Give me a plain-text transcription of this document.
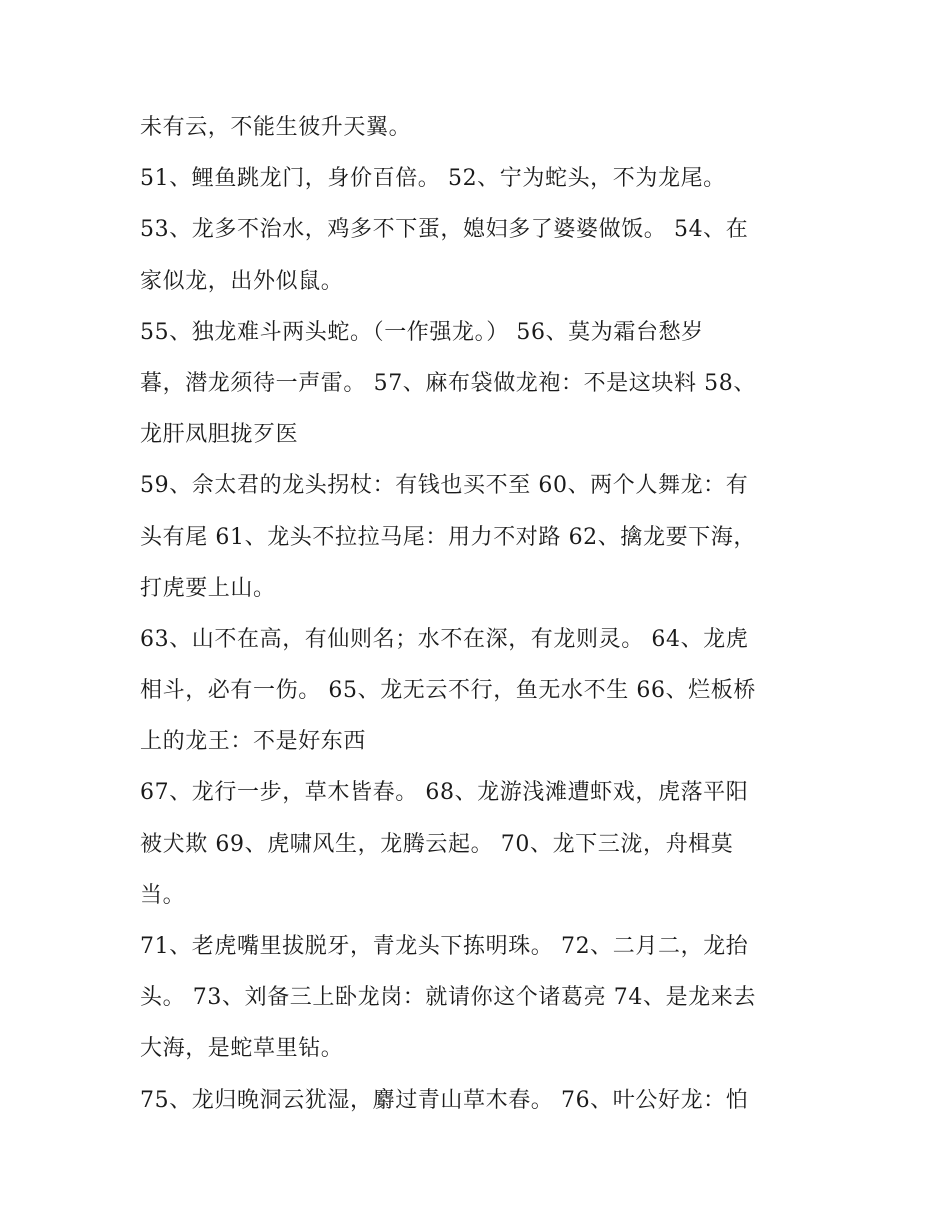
未有云，不能生彼升天翼。
51、鲤鱼跳龙门，身价百倍。 52、宁为蛇头，不为龙尾。
53、龙多不治水，鸡多不下蛋，媳妇多了婆婆做饭。 54、在
家似龙，出外似鼠。
55、独龙难斗两头蛇。（一作强龙。） 56、莫为霜台愁岁
暮，潜龙须待一声雷。 57、麻布袋做龙袍：不是这块料 58、
龙肝凤胆拢歹医
59、佘太君的龙头拐杖：有钱也买不至 60、两个人舞龙：有
头有尾 61、龙头不拉拉马尾：用力不对路 62、擒龙要下海，
打虎要上山。
63、山不在高，有仙则名；水不在深，有龙则灵。 64、龙虎
相斗，必有一伤。 65、龙无云不行，鱼无水不生 66、烂板桥
上的龙王：不是好东西
67、龙行一步，草木皆春。 68、龙游浅滩遭虾戏，虎落平阳
被犬欺 69、虎啸风生，龙腾云起。 70、龙下三泷，舟楫莫
当。
71、老虎嘴里拔脱牙，青龙头下拣明珠。 72、二月二，龙抬
头。 73、刘备三上卧龙岗：就请你这个诸葛亮 74、是龙来去
大海，是蛇草里钻。
75、龙归晚洞云犹湿，麝过青山草木春。 76、叶公好龙：怕
